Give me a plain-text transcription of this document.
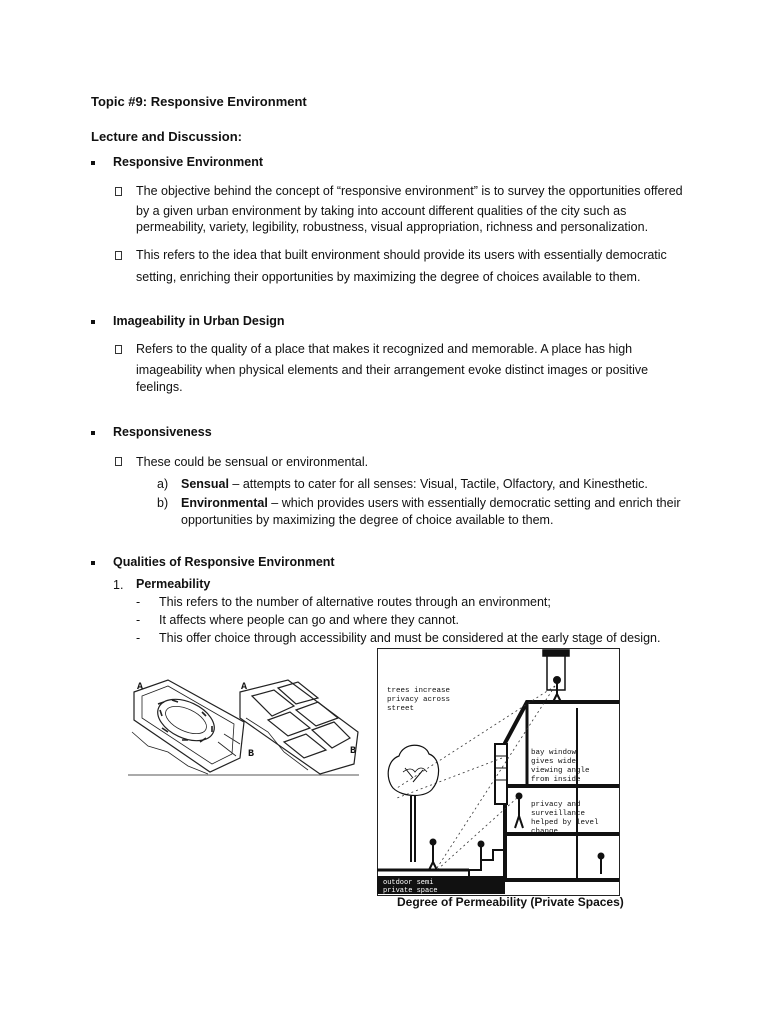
Topic #9: Responsive Environment
Lecture and Discussion:
Responsive Environment
The objective behind the concept of “responsive environment” is to survey the opportunities offered
by a given urban environment by taking into account different qualities of the city such as
permeability, variety, legibility, robustness, visual appropriation, richness and personalization.
This refers to the idea that built environment should provide its users with essentially democratic
setting, enriching their opportunities by maximizing the degree of choices available to them.
Imageability in Urban Design
Refers to the quality of a place that makes it recognized and memorable. A place has high
imageability when physical elements and their arrangement evoke distinct images or positive
feelings.
Responsiveness
These could be sensual or environmental.
a) Sensual – attempts to cater for all senses: Visual, Tactile, Olfactory, and Kinesthetic.
b) Environmental – which provides users with essentially democratic setting and enrich their
opportunities by maximizing the degree of choice available to them.
Qualities of Responsive Environment
1. Permeability
- This refers to the number of alternative routes through an environment;
- It affects where people can go and where they cannot.
- This offer choice through accessibility and must be considered at the early stage of design.
A	A
B	B
trees increase
privacy across
street
bay window
gives wide
viewing angle
from inside
privacy and
surveillance
helped by level
change
outdoor semi
private space
Degree of Permeability (Private Spaces)
